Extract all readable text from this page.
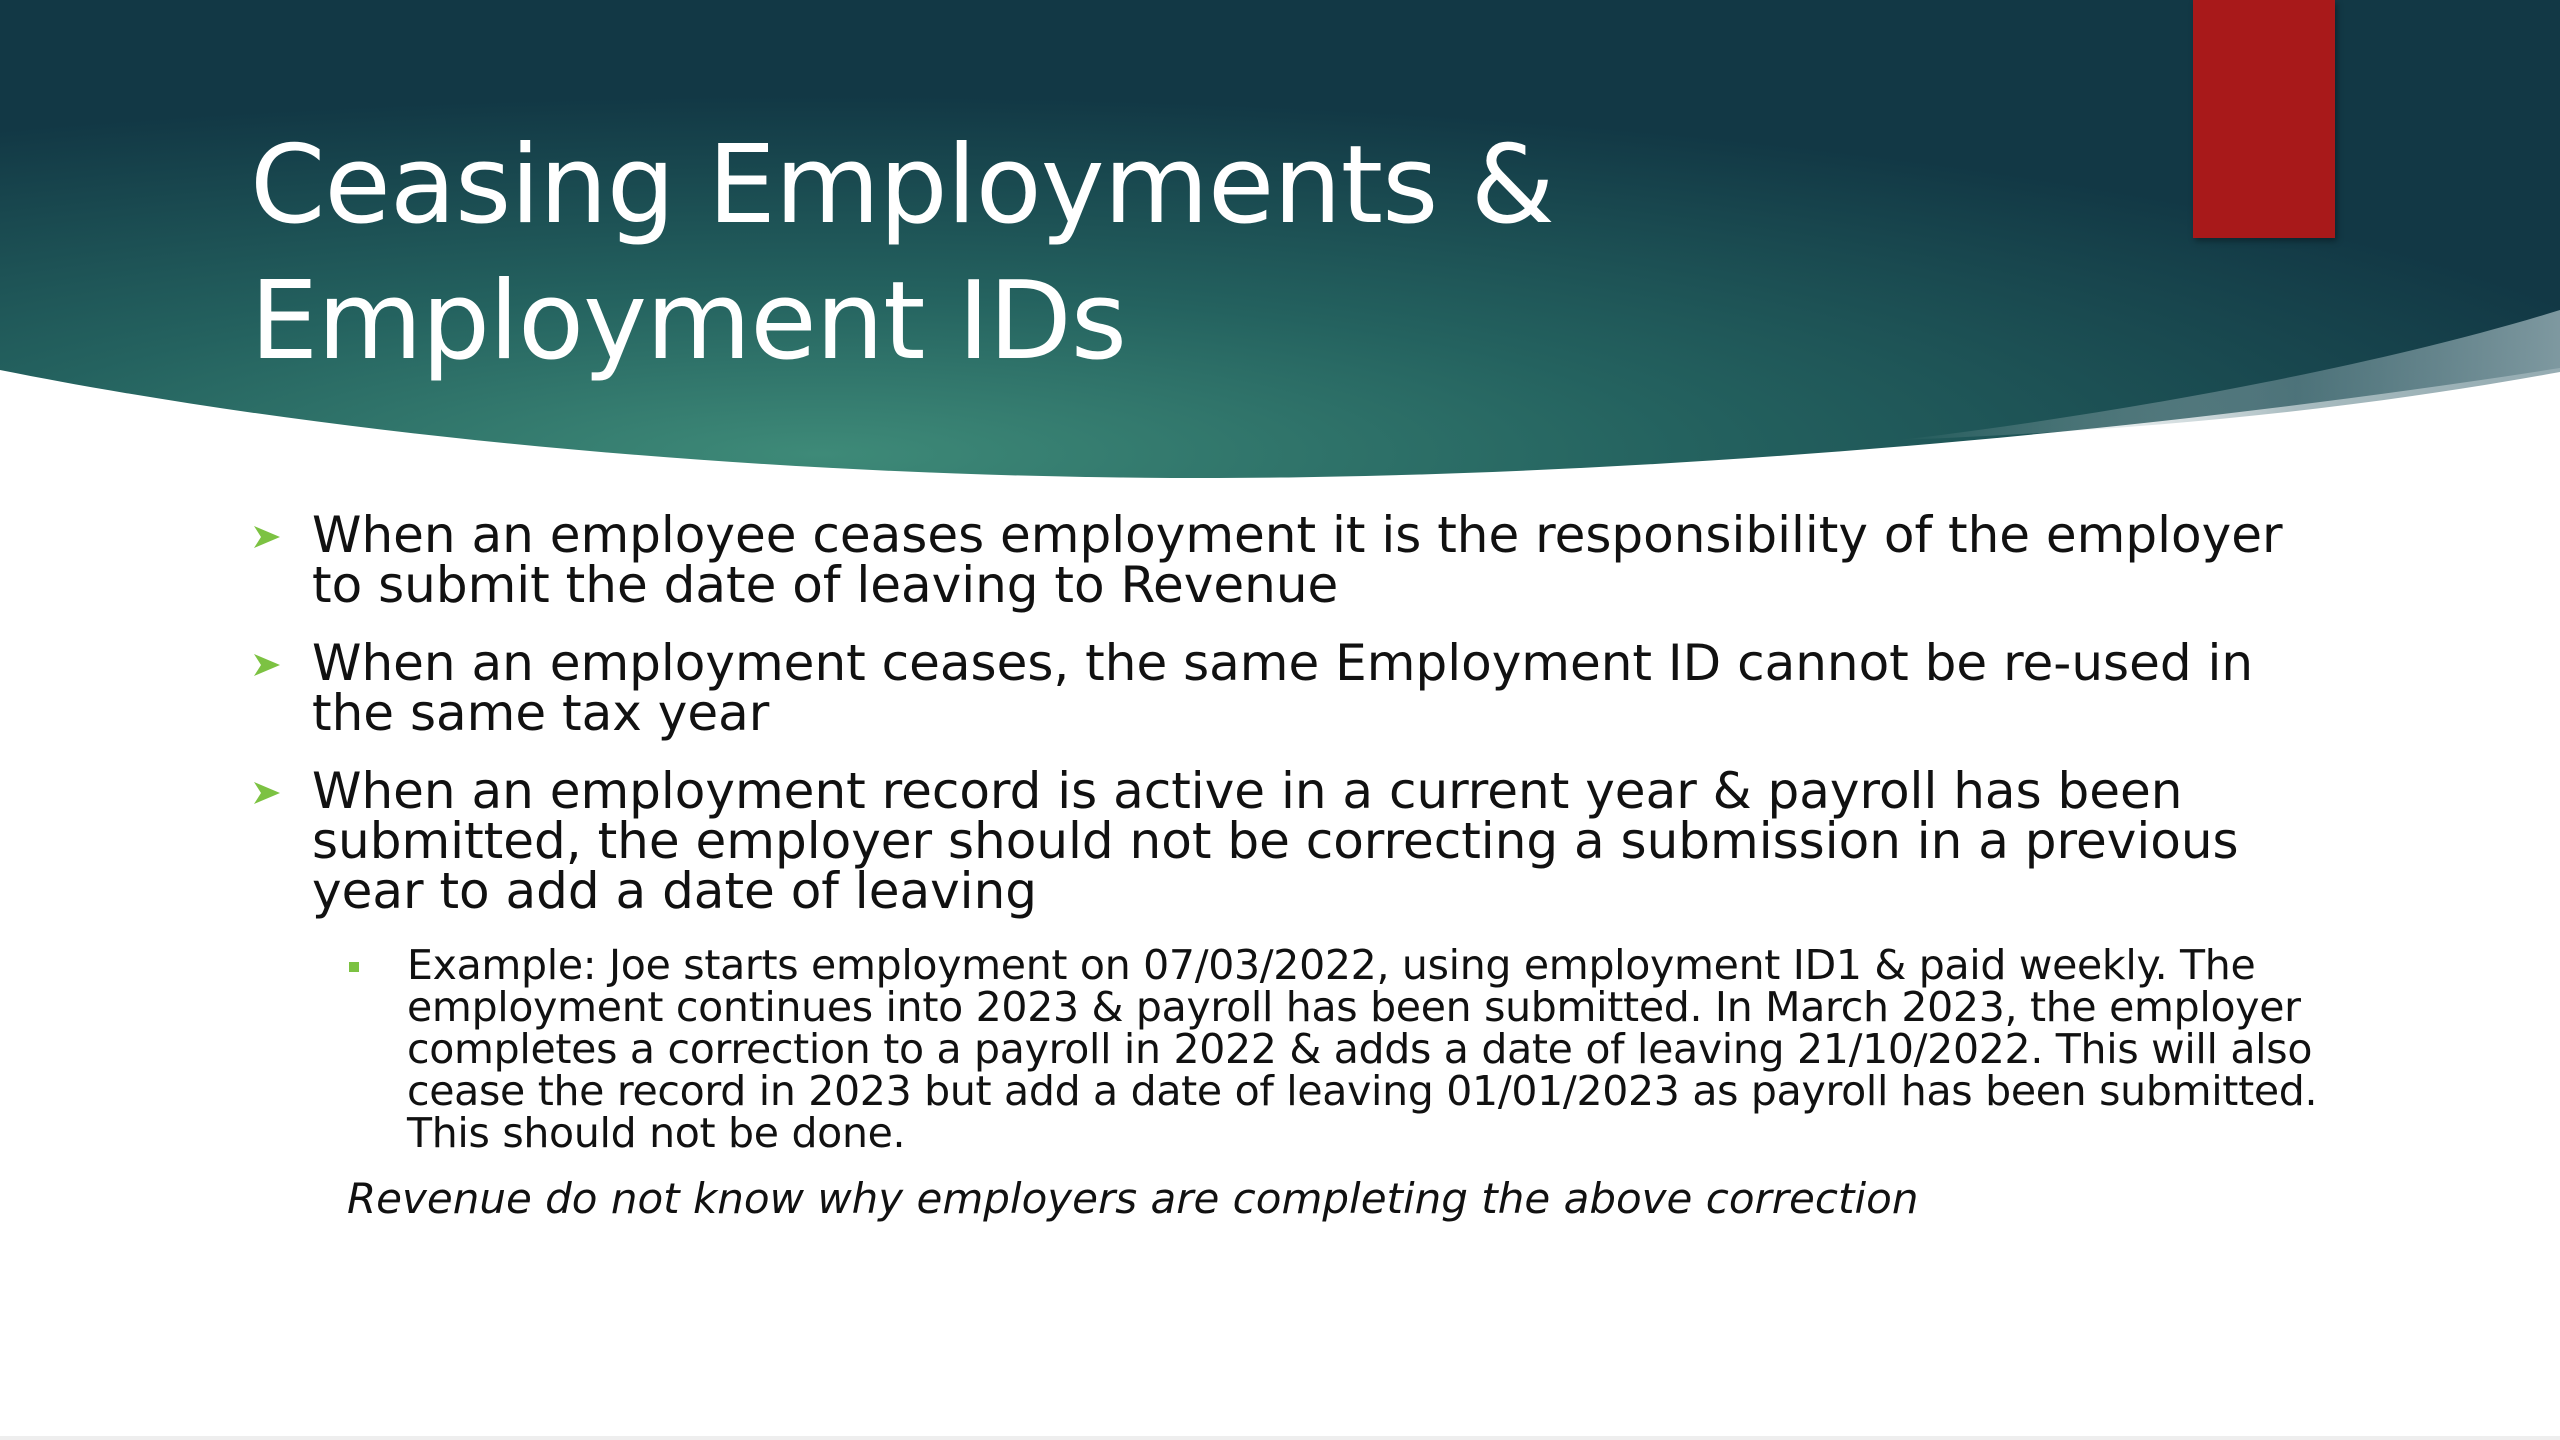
Ceasing Employments &
Employment IDs
When an employee ceases employment it is the responsibility of the employer to submit the date of leaving to Revenue
When an employment ceases, the same Employment ID cannot be re-used in the same tax year
When an employment record is active in a current year & payroll has been submitted, the employer should not be correcting a submission in a previous year to add a date of leaving
Example: Joe starts employment on 07/03/2022, using employment ID1 & paid weekly. The employment continues into 2023 & payroll has been submitted. In March 2023, the employer completes a correction to a payroll in 2022 & adds a date of leaving 21/10/2022. This will also cease the record in 2023 but add a date of leaving 01/01/2023 as payroll has been submitted. This should not be done.
Revenue do not know why employers are completing the above correction
